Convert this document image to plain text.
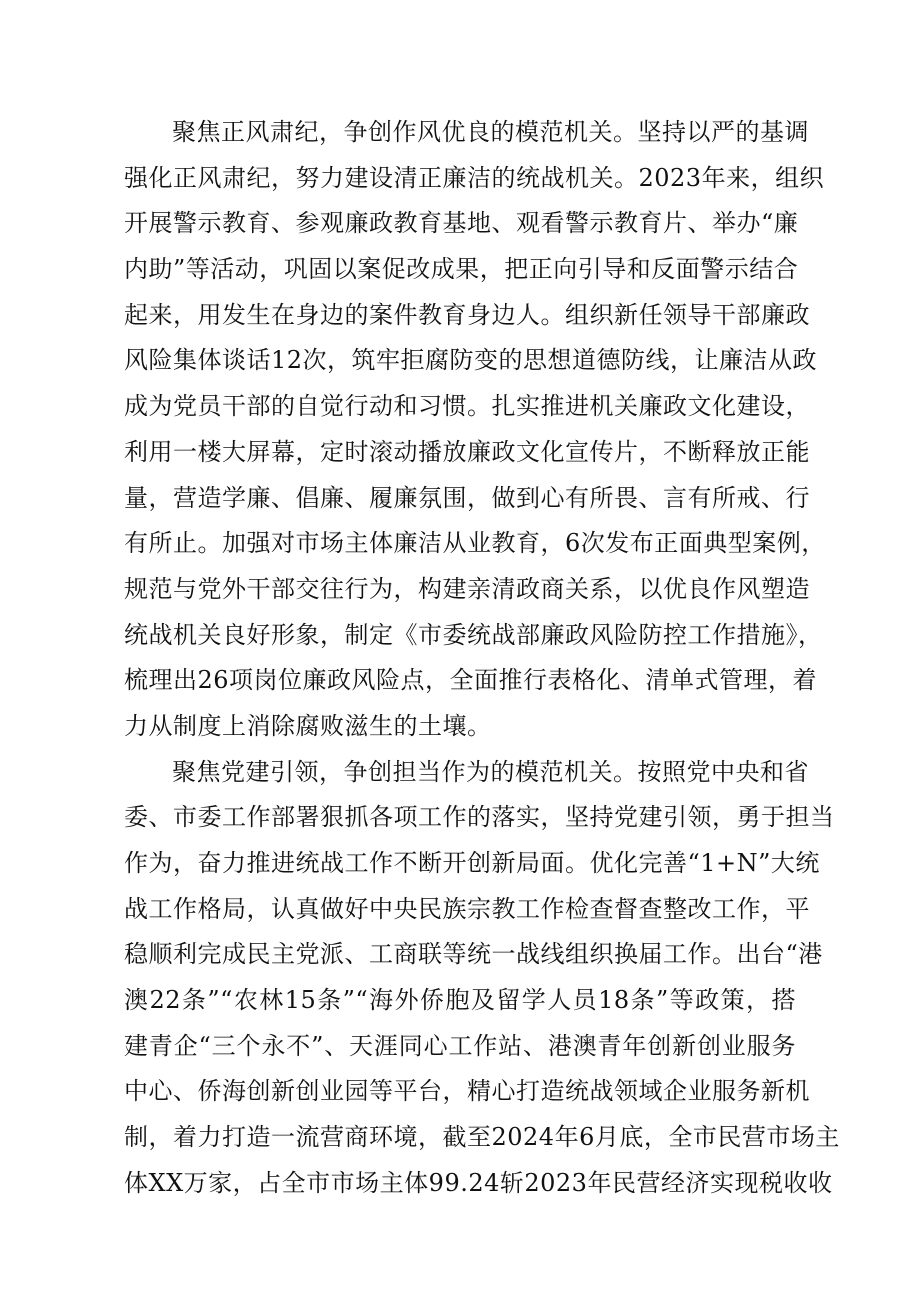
聚焦正风肃纪，争创作风优良的模范机关。坚持以严的基调
强化正风肃纪，努力建设清正廉洁的统战机关。2023年来，组织
开展警示教育、参观廉政教育基地、观看警示教育片、举办“廉
内助”等活动，巩固以案促改成果，把正向引导和反面警示结合
起来，用发生在身边的案件教育身边人。组织新任领导干部廉政
风险集体谈话12次，筑牢拒腐防变的思想道德防线，让廉洁从政
成为党员干部的自觉行动和习惯。扎实推进机关廉政文化建设，
利用一楼大屏幕，定时滚动播放廉政文化宣传片，不断释放正能
量，营造学廉、倡廉、履廉氛围，做到心有所畏、言有所戒、行
有所止。加强对市场主体廉洁从业教育，6次发布正面典型案例，
规范与党外干部交往行为，构建亲清政商关系，以优良作风塑造
统战机关良好形象，制定《市委统战部廉政风险防控工作措施》，
梳理出26项岗位廉政风险点，全面推行表格化、清单式管理，着
力从制度上消除腐败滋生的土壤。
聚焦党建引领，争创担当作为的模范机关。按照党中央和省
委、市委工作部署狠抓各项工作的落实，坚持党建引领，勇于担当
作为，奋力推进统战工作不断开创新局面。优化完善“1+N”大统
战工作格局，认真做好中央民族宗教工作检查督查整改工作，平
稳顺利完成民主党派、工商联等统一战线组织换届工作。出台“港
澳22条”“农林15条”“海外侨胞及留学人员18条”等政策，搭
建青企“三个永不”、天涯同心工作站、港澳青年创新创业服务
中心、侨海创新创业园等平台，精心打造统战领域企业服务新机
制，着力打造一流营商环境，截至2024年6月底，全市民营市场主
体XX万家，占全市市场主体99.24斩2023年民营经济实现税收收
